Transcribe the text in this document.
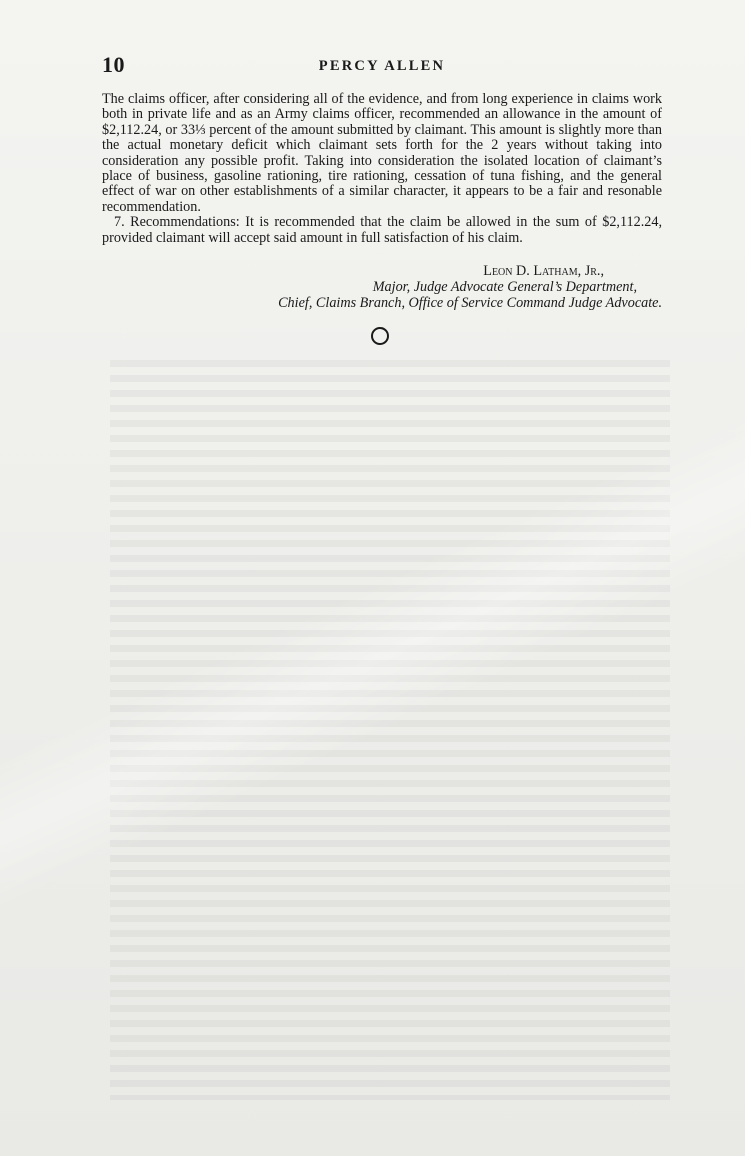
10	PERCY ALLEN

The claims officer, after considering all of the evidence, and from long experience in claims work both in private life and as an Army claims officer, recommended an allowance in the amount of $2,112.24, or 33⅓ percent of the amount submitted by claimant. This amount is slightly more than the actual monetary deficit which claimant sets forth for the 2 years without taking into consideration any possible profit. Taking into consideration the isolated location of claimant’s place of business, gasoline rationing, tire rationing, cessation of tuna fishing, and the general effect of war on other establishments of a similar character, it appears to be a fair and resonable recommendation.

7. Recommendations: It is recommended that the claim be allowed in the sum of $2,112.24, provided claimant will accept said amount in full satisfaction of his claim.

Leon D. Latham, Jr.,
Major, Judge Advocate General’s Department,
Chief, Claims Branch, Office of Service Command Judge Advocate.
